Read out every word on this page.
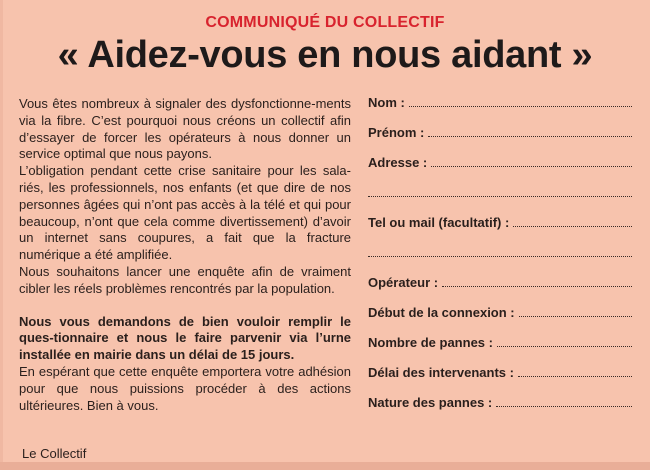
COMMUNIQUÉ DU COLLECTIF
« Aidez-vous en nous aidant »

Vous êtes nombreux à signaler des dysfonctionne-ments via la fibre. C’est pourquoi nous créons un collectif afin d’essayer de forcer les opérateurs à nous donner un service optimal que nous payons.

L’obligation pendant cette crise sanitaire pour les sala-riés, les professionnels, nos enfants (et que dire de nos personnes âgées qui n’ont pas accès à la télé et qui pour beaucoup, n’ont que cela comme divertissement) d’avoir un internet sans coupures, a fait que la fracture numérique a été amplifiée.

Nous souhaitons lancer une enquête afin de vraiment cibler les réels problèmes rencontrés par la population.

Nous vous demandons de bien vouloir remplir le ques-tionnaire et nous le faire parvenir via l’urne installée en mairie dans un délai de 15 jours.

En espérant que cette enquête emportera votre adhésion pour que nous puissions procéder à des actions ultérieures. Bien à vous.

Nom :
Prénom :
Adresse :
Tel ou mail (facultatif) :
Opérateur :
Début de la connexion :
Nombre de pannes :
Délai des intervenants :
Nature des pannes :
Le Collectif
